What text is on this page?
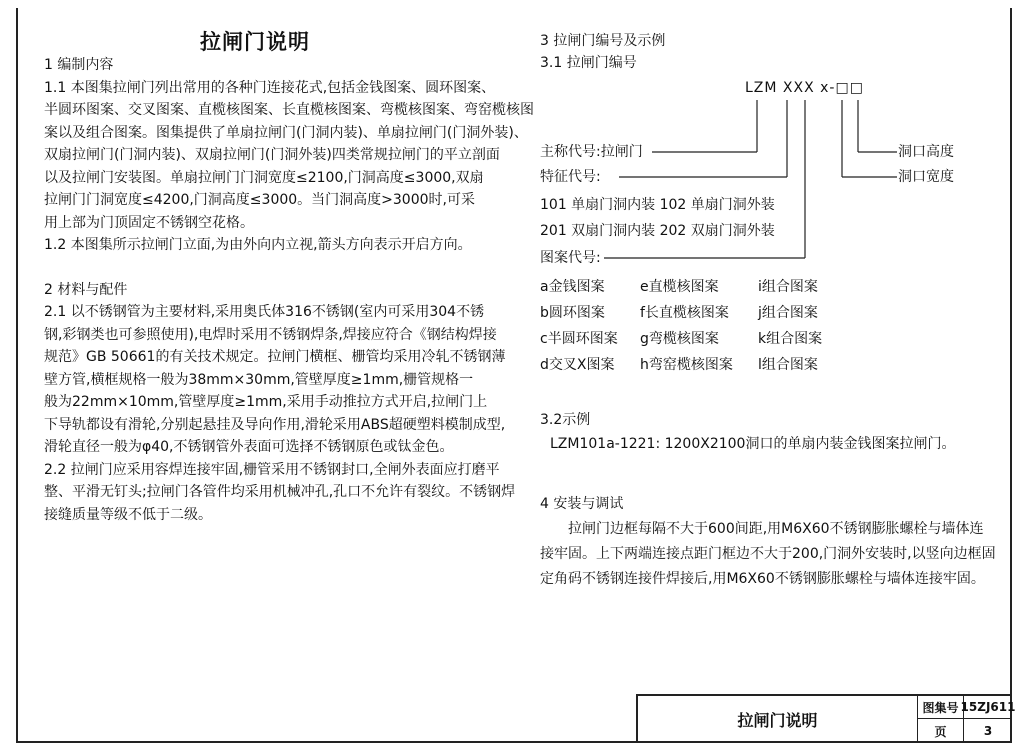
拉闸门说明
1 编制内容
1.1 本图集拉闸门列出常用的各种门连接花式,包括金钱图案、圆环图案、
半圆环图案、交叉图案、直榄核图案、长直榄核图案、弯榄核图案、弯窑榄核图
案以及组合图案。图集提供了单扇拉闸门(门洞内装)、单扇拉闸门(门洞外装)、
双扇拉闸门(门洞内装)、双扇拉闸门(门洞外装)四类常规拉闸门的平立剖面
以及拉闸门安装图。单扇拉闸门门洞宽度≤2100,门洞高度≤3000,双扇
拉闸门门洞宽度≤4200,门洞高度≤3000。当门洞高度>3000时,可采
用上部为门顶固定不锈钢空花格。
1.2 本图集所示拉闸门立面,为由外向内立视,箭头方向表示开启方向。
2 材料与配件
2.1 以不锈钢管为主要材料,采用奥氏体316不锈钢(室内可采用304不锈
钢,彩钢类也可参照使用),电焊时采用不锈钢焊条,焊接应符合《钢结构焊接
规范》GB 50661的有关技术规定。拉闸门横框、栅管均采用冷轧不锈钢薄
壁方管,横框规格一般为38mm×30mm,管壁厚度≥1mm,栅管规格一
般为22mm×10mm,管壁厚度≥1mm,采用手动推拉方式开启,拉闸门上
下导轨都设有滑轮,分别起悬挂及导向作用,滑轮采用ABS超硬塑料模制成型,
滑轮直径一般为φ40,不锈钢管外表面可选择不锈钢原色或钛金色。
2.2 拉闸门应采用容焊连接牢固,栅管采用不锈钢封口,全闸外表面应打磨平
整、平滑无钉头;拉闸门各管件均采用机械冲孔,孔口不允许有裂纹。不锈钢焊
接缝质量等级不低于二级。
3 拉闸门编号及示例
3.1 拉闸门编号
LZM XXX x-□□
主称代号:拉闸门
特征代号:
洞口高度
洞口宽度
101 单扇门洞内装 102 单扇门洞外装
201 双扇门洞内装 202 双扇门洞外装
图案代号:
a金钱图案	e直榄核图案	i组合图案
b圆环图案	f长直榄核图案	j组合图案
c半圆环图案	g弯榄核图案	k组合图案
d交叉X图案	h弯窑榄核图案	l组合图案
3.2示例
LZM101a-1221: 1200X2100洞口的单扇内装金钱图案拉闸门。
4 安装与调试
拉闸门边框每隔不大于600间距,用M6X60不锈钢膨胀螺栓与墙体连
接牢固。上下两端连接点距门框边不大于200,门洞外安装时,以竖向边框固
定角码不锈钢连接件焊接后,用M6X60不锈钢膨胀螺栓与墙体连接牢固。
拉闸门说明
图集号 15ZJ611
页	3
